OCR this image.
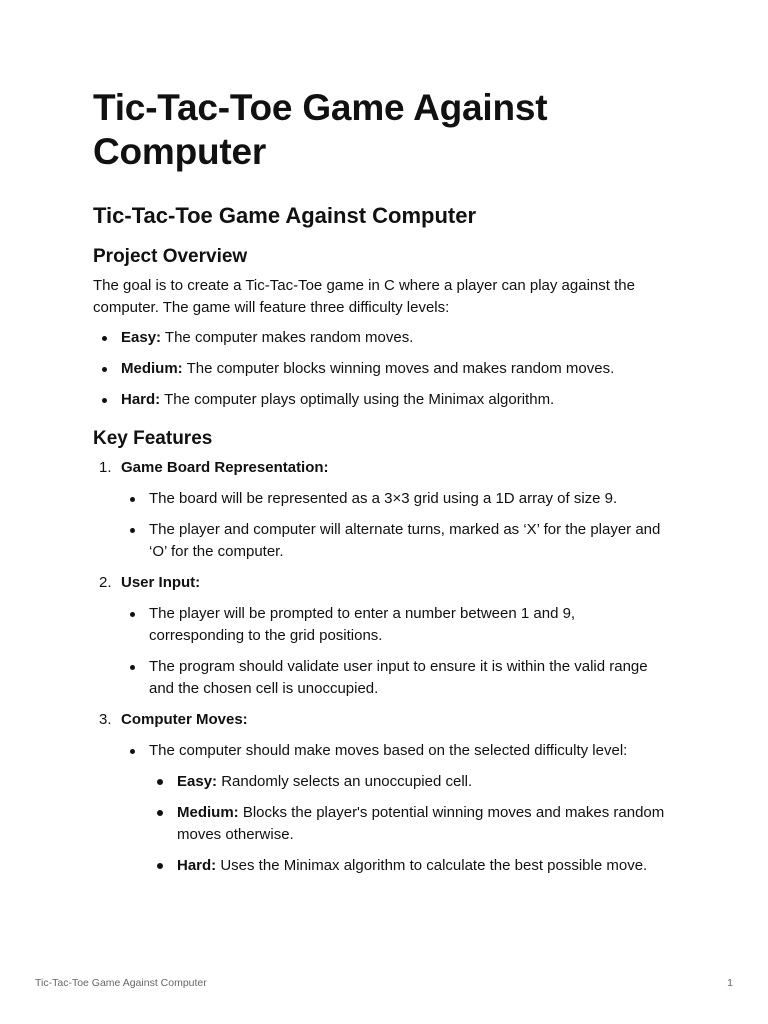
Tic-Tac-Toe Game Against Computer
Tic-Tac-Toe Game Against Computer
Project Overview

The goal is to create a Tic-Tac-Toe game in C where a player can play against the computer. The game will feature three difficulty levels:

Easy: The computer makes random moves.
Medium: The computer blocks winning moves and makes random moves.
Hard: The computer plays optimally using the Minimax algorithm.
Key Features
1. Game Board Representation:
The board will be represented as a 3×3 grid using a 1D array of size 9.
The player and computer will alternate turns, marked as ‘X’ for the player and ‘O’ for the computer.
2. User Input:
The player will be prompted to enter a number between 1 and 9, corresponding to the grid positions.
The program should validate user input to ensure it is within the valid range and the chosen cell is unoccupied.
3. Computer Moves:
The computer should make moves based on the selected difficulty level:
Easy: Randomly selects an unoccupied cell.
Medium: Blocks the player's potential winning moves and makes random moves otherwise.
Hard: Uses the Minimax algorithm to calculate the best possible move.
Tic-Tac-Toe Game Against Computer	1
